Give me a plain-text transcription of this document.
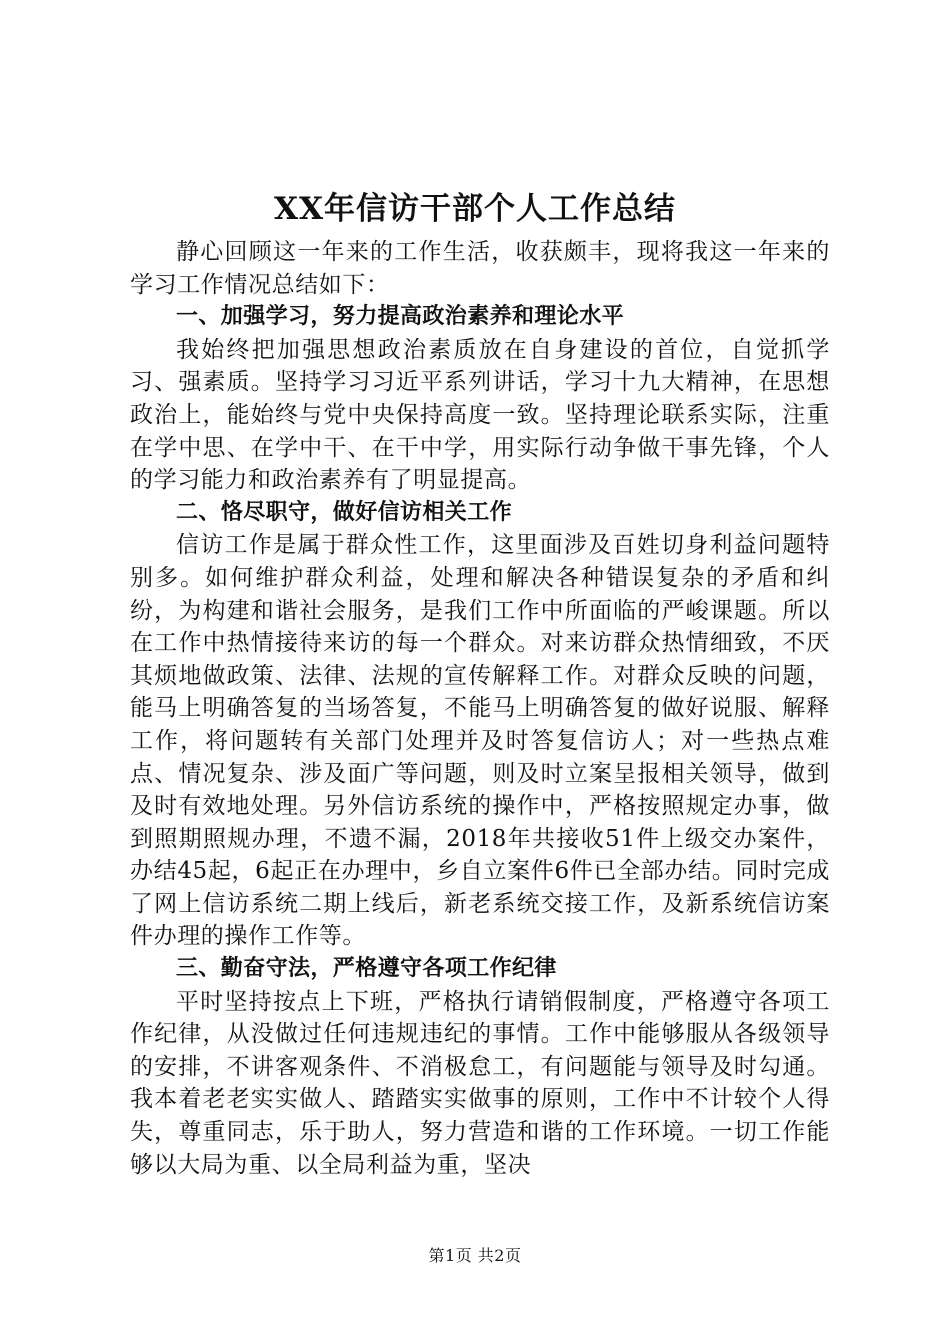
XX年信访干部个人工作总结

静心回顾这一年来的工作生活，收获颇丰，现将我这一年来的学习工作情况总结如下：

一、加强学习，努力提高政治素养和理论水平

我始终把加强思想政治素质放在自身建设的首位，自觉抓学习、强素质。坚持学习习近平系列讲话，学习十九大精神，在思想政治上，能始终与党中央保持高度一致。坚持理论联系实际，注重在学中思、在学中干、在干中学，用实际行动争做干事先锋，个人的学习能力和政治素养有了明显提高。

二、恪尽职守，做好信访相关工作

信访工作是属于群众性工作，这里面涉及百姓切身利益问题特别多。如何维护群众利益，处理和解决各种错误复杂的矛盾和纠纷，为构建和谐社会服务，是我们工作中所面临的严峻课题。所以在工作中热情接待来访的每一个群众。对来访群众热情细致，不厌其烦地做政策、法律、法规的宣传解释工作。对群众反映的问题，能马上明确答复的当场答复，不能马上明确答复的做好说服、解释工作，将问题转有关部门处理并及时答复信访人；对一些热点难点、情况复杂、涉及面广等问题，则及时立案呈报相关领导，做到及时有效地处理。另外信访系统的操作中，严格按照规定办事，做到照期照规办理，不遗不漏，2018年共接收51件上级交办案件，办结45起，6起正在办理中，乡自立案件6件已全部办结。同时完成了网上信访系统二期上线后，新老系统交接工作，及新系统信访案件办理的操作工作等。

三、勤奋守法，严格遵守各项工作纪律

平时坚持按点上下班，严格执行请销假制度，严格遵守各项工作纪律，从没做过任何违规违纪的事情。工作中能够服从各级领导的安排，不讲客观条件、不消极怠工，有问题能与领导及时勾通。我本着老老实实做人、踏踏实实做事的原则，工作中不计较个人得失，尊重同志，乐于助人，努力营造和谐的工作环境。一切工作能够以大局为重、以全局利益为重，坚决

第1页 共2页
